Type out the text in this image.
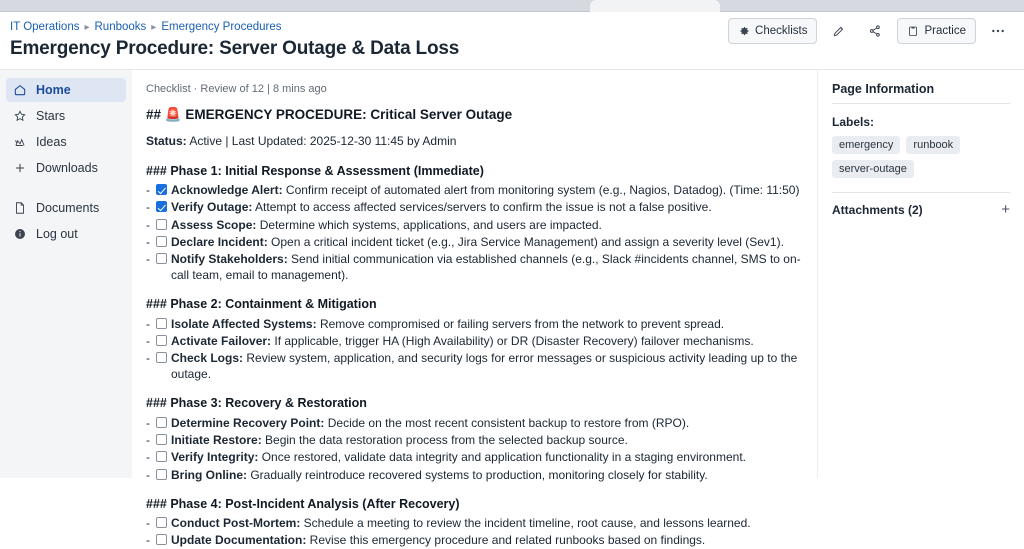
IT Operations ▸ Runbooks ▸ Emergency Procedures
Emergency Procedure: Server Outage & Data Loss
Checklists	Practice
Home
Stars
Ideas
Downloads
Documents
Log out
Checklist · Review of 12 | 8 mins ago
## 🚨 EMERGENCY PROCEDURE: Critical Server Outage
Status: Active | Last Updated: 2025-12-30 11:45 by Admin
### Phase 1: Initial Response & Assessment (Immediate)
-	Acknowledge Alert: Confirm receipt of automated alert from monitoring system (e.g., Nagios, Datadog). (Time: 11:50)
-	Verify Outage: Attempt to access affected services/servers to confirm the issue is not a false positive.
-	Assess Scope: Determine which systems, applications, and users are impacted.
-	Declare Incident: Open a critical incident ticket (e.g., Jira Service Management) and assign a severity level (Sev1).
-	Notify Stakeholders: Send initial communication via established channels (e.g., Slack #incidents channel, SMS to on-call team, email to management).
### Phase 2: Containment & Mitigation
-	Isolate Affected Systems: Remove compromised or failing servers from the network to prevent spread.
-	Activate Failover: If applicable, trigger HA (High Availability) or DR (Disaster Recovery) failover mechanisms.
-	Check Logs: Review system, application, and security logs for error messages or suspicious activity leading up to the outage.
### Phase 3: Recovery & Restoration
-	Determine Recovery Point: Decide on the most recent consistent backup to restore from (RPO).
-	Initiate Restore: Begin the data restoration process from the selected backup source.
-	Verify Integrity: Once restored, validate data integrity and application functionality in a staging environment.
-	Bring Online: Gradually reintroduce recovered systems to production, monitoring closely for stability.
### Phase 4: Post-Incident Analysis (After Recovery)
-	Conduct Post-Mortem: Schedule a meeting to review the incident timeline, root cause, and lessons learned.
-	Update Documentation: Revise this emergency procedure and related runbooks based on findings.
Page Information
Labels:
emergency	runbook
server-outage
Attachments (2)	+
